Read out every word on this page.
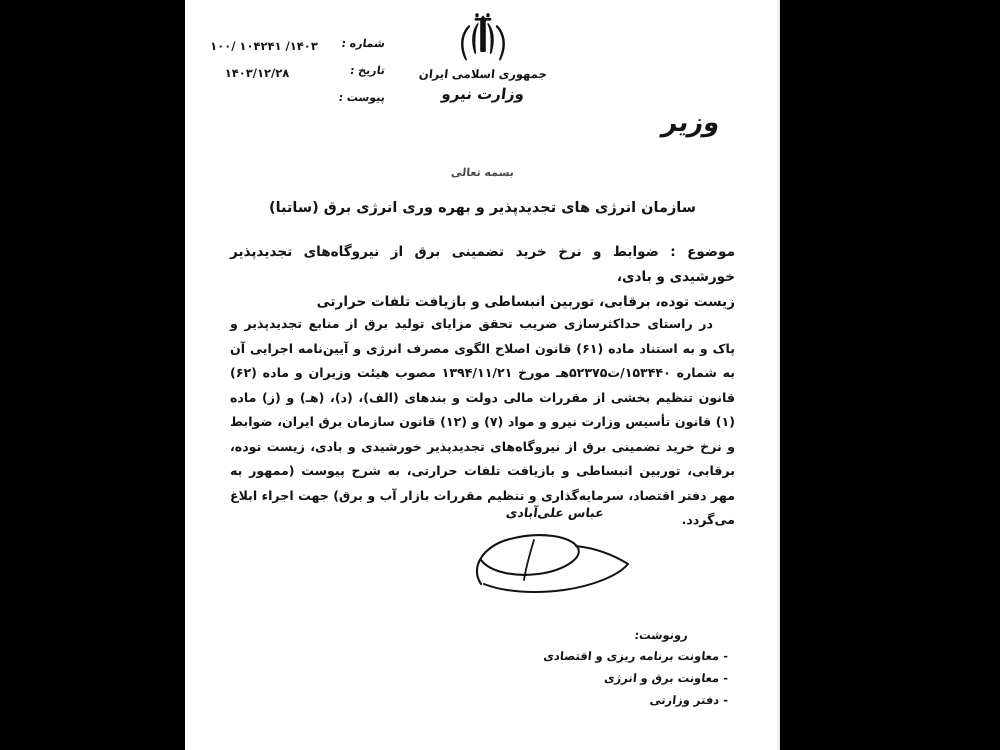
جمهوری اسلامی ایران
وزارت نیرو
شماره :
تاریخ :
پیوست :
۱۴۰۳/ ۱۰۴۲۴۱ /۱۰۰
۱۴۰۳/۱۲/۲۸
وزیر
بسمه تعالی
سازمان انرژی های تجدیدپذیر و بهره وری انرژی برق (ساتبا)
موضوع : ضوابط و نرخ خرید تضمینی برق از نیروگاه‌های تجدیدپذیر خورشیدی و بادی،
زیست توده، برقابی، توربین انبساطی و بازیافت تلفات حرارتی

در راستای حداکثرسازی ضریب تحقق مزایای تولید برق از منابع تجدیدپذیر و پاک و به استناد ماده (۶۱) قانون اصلاح الگوی مصرف انرژی و آیین‌نامه اجرایی آن به شماره ۱۵۳۴۴۰/ت۵۲۳۷۵هـ مورخ ۱۳۹۴/۱۱/۲۱ مصوب هیئت وزیران و ماده (۶۲) قانون تنظیم بخشی از مقررات مالی دولت و بندهای (الف)، (د)، (هـ) و (ز) ماده (۱) قانون تأسیس وزارت نیرو و مواد (۷) و (۱۲) قانون سازمان برق ایران، ضوابط و نرخ خرید تضمینی برق از نیروگاه‌های تجدیدپذیر خورشیدی و بادی، زیست توده، برقابی، توربین انبساطی و بازیافت تلفات حرارتی، به شرح پیوست (ممهور به مهر دفتر اقتصاد، سرمایه‌گذاری و تنظیم مقررات بازار آب و برق) جهت اجراء ابلاغ می‌گردد.

عباس علی‌آبادی
رونوشت:
- معاونت برنامه ریزی و اقتصادی
- معاونت برق و انرژی
- دفتر وزارتی
